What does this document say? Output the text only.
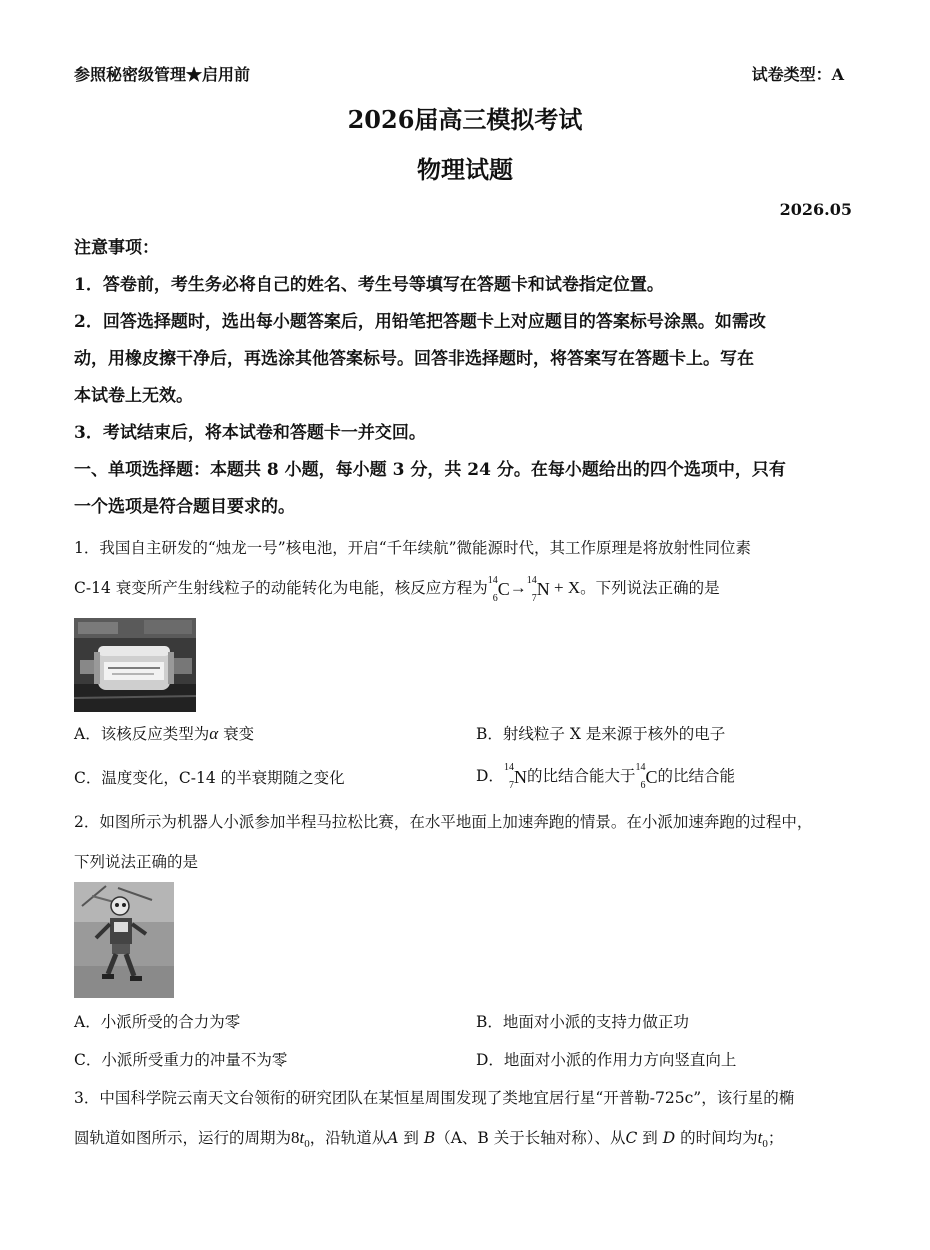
参照秘密级管理★启用前	试卷类型：A
2026届高三模拟考试
物理试题
2026.05

注意事项：

1．答卷前，考生务必将自己的姓名、考生号等填写在答题卡和试卷指定位置。

2．回答选择题时，选出每小题答案后，用铅笔把答题卡上对应题目的答案标号涂黑。如需改

动，用橡皮擦干净后，再选涂其他答案标号。回答非选择题时，将答案写在答题卡上。写在

本试卷上无效。

3．考试结束后，将本试卷和答题卡一并交回。

一、单项选择题：本题共 8 小题，每小题 3 分，共 24 分。在每小题给出的四个选项中，只有

一个选项是符合题目要求的。

1．我国自主研发的“烛龙一号”核电池，开启“千年续航”微能源时代，其工作原理是将放射性同位素

C-14 衰变所产生射线粒子的动能转化为电能，核反应方程为 14
6 C→ 14
7 N + X。下列说法正确的是

A．该核反应类型为α 衰变	B．射线粒子 X 是来源于核外的电子
C．温度变化，C-14 的半衰期随之变化	D． 14
7 N的比结合能大于 14
6 C的比结合能

2．如图所示为机器人小派参加半程马拉松比赛，在水平地面上加速奔跑的情景。在小派加速奔跑的过程中，

下列说法正确的是

A．小派所受的合力为零	B．地面对小派的支持力做正功
C．小派所受重力的冲量不为零	D．地面对小派的作用力方向竖直向上

3．中国科学院云南天文台领衔的研究团队在某恒星周围发现了类地宜居行星“开普勒-725c”，该行星的椭

圆轨道如图所示，运行的周期为$8t_0$，沿轨道从A 到 B（A、B 关于长轴对称）、从C 到 D 的时间均为$t_0$；
